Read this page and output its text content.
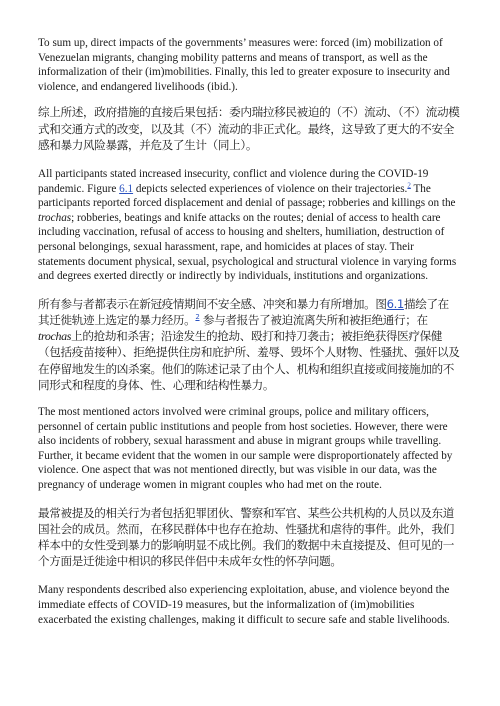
To sum up, direct impacts of the governments’ measures were: forced (im) mobilization of Venezuelan migrants, changing mobility patterns and means of transport, as well as the informalization of their (im)mobilities. Finally, this led to greater exposure to insecurity and violence, and endangered livelihoods (ibid.).

综上所述，政府措施的直接后果包括：委内瑞拉移民被迫的（不）流动、（不）流动模式和交通方式的改变，以及其（不）流动的非正式化。最终，这导致了更大的不安全感和暴力风险暴露，并危及了生计（同上）。

All participants stated increased insecurity, conflict and violence during the COVID-19 pandemic. Figure 6.1 depicts selected experiences of violence on their trajectories.$^2$ The participants reported forced displacement and denial of passage; robberies and killings on the trochas; robberies, beatings and knife attacks on the routes; denial of access to health care including vaccination, refusal of access to housing and shelters, humiliation, destruction of personal belongings, sexual harassment, rape, and homicides at places of stay. Their statements document physical, sexual, psychological and structural violence in varying forms and degrees exerted directly or indirectly by individuals, institutions and organizations.

所有参与者都表示在新冠疫情期间不安全感、冲突和暴力有所增加。图6.1描绘了在其迁徙轨迹上选定的暴力经历。$^2$ 参与者报告了被迫流离失所和被拒绝通行；在trochas上的抢劫和杀害；沿途发生的抢劫、殴打和持刀袭击；被拒绝获得医疗保健（包括疫苗接种）、拒绝提供住房和庇护所、羞辱、毁坏个人财物、性骚扰、强奸以及在停留地发生的凶杀案。他们的陈述记录了由个人、机构和组织直接或间接施加的不同形式和程度的身体、性、心理和结构性暴力。

The most mentioned actors involved were criminal groups, police and military officers, personnel of certain public institutions and people from host societies. However, there were also incidents of robbery, sexual harassment and abuse in migrant groups while travelling. Further, it became evident that the women in our sample were disproportionately affected by violence. One aspect that was not mentioned directly, but was visible in our data, was the pregnancy of underage women in migrant couples who had met on the route.

最常被提及的相关行为者包括犯罪团伙、警察和军官、某些公共机构的人员以及东道国社会的成员。然而，在移民群体中也存在抢劫、性骚扰和虐待的事件。此外，我们样本中的女性受到暴力的影响明显不成比例。我们的数据中未直接提及、但可见的一个方面是迁徙途中相识的移民伴侣中未成年女性的怀孕问题。

Many respondents described also experiencing exploitation, abuse, and violence beyond the immediate effects of COVID-19 measures, but the informalization of (im)mobilities exacerbated the existing challenges, making it difficult to secure safe and stable livelihoods.
